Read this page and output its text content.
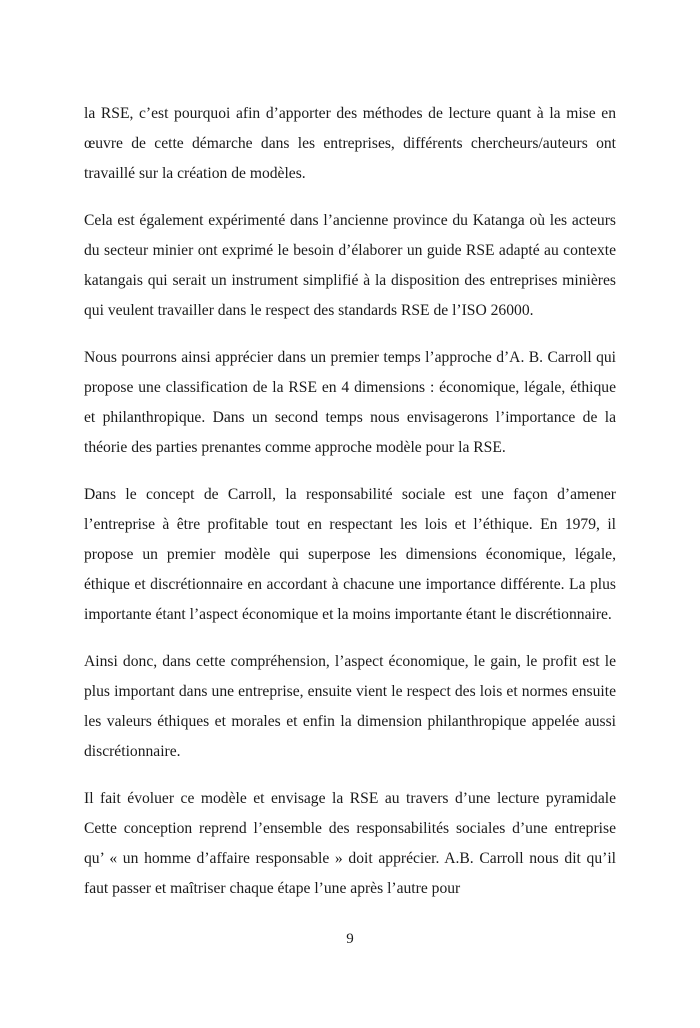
la RSE, c’est pourquoi afin d’apporter des méthodes de lecture quant à la mise en œuvre de cette démarche dans les entreprises, différents chercheurs/auteurs ont travaillé sur la création de modèles.

Cela est également expérimenté dans l’ancienne province du Katanga où les acteurs du secteur minier ont exprimé le besoin d’élaborer un guide RSE adapté au contexte katangais qui serait un instrument simplifié à la disposition des entreprises minières qui veulent travailler dans le respect des standards RSE de l’ISO 26000.

Nous pourrons ainsi apprécier dans un premier temps l’approche d’A. B. Carroll qui propose une classification de la RSE en 4 dimensions : économique, légale, éthique et philanthropique. Dans un second temps nous envisagerons l’importance de la théorie des parties prenantes comme approche modèle pour la RSE.

Dans le concept de Carroll, la responsabilité sociale est une façon d’amener l’entreprise à être profitable tout en respectant les lois et l’éthique. En 1979, il propose un premier modèle qui superpose les dimensions économique, légale, éthique et discrétionnaire en accordant à chacune une importance différente. La plus importante étant l’aspect économique et la moins importante étant le discrétionnaire.

Ainsi donc, dans cette compréhension, l’aspect économique, le gain, le profit est le plus important dans une entreprise, ensuite vient le respect des lois et normes ensuite les valeurs éthiques et morales et enfin la dimension philanthropique appelée aussi discrétionnaire.

Il fait évoluer ce modèle et envisage la RSE au travers d’une lecture pyramidale Cette conception reprend l’ensemble des responsabilités sociales d’une entreprise qu’ « un homme d’affaire responsable » doit apprécier. A.B. Carroll nous dit qu’il faut passer et maîtriser chaque étape l’une après l’autre pour

9
